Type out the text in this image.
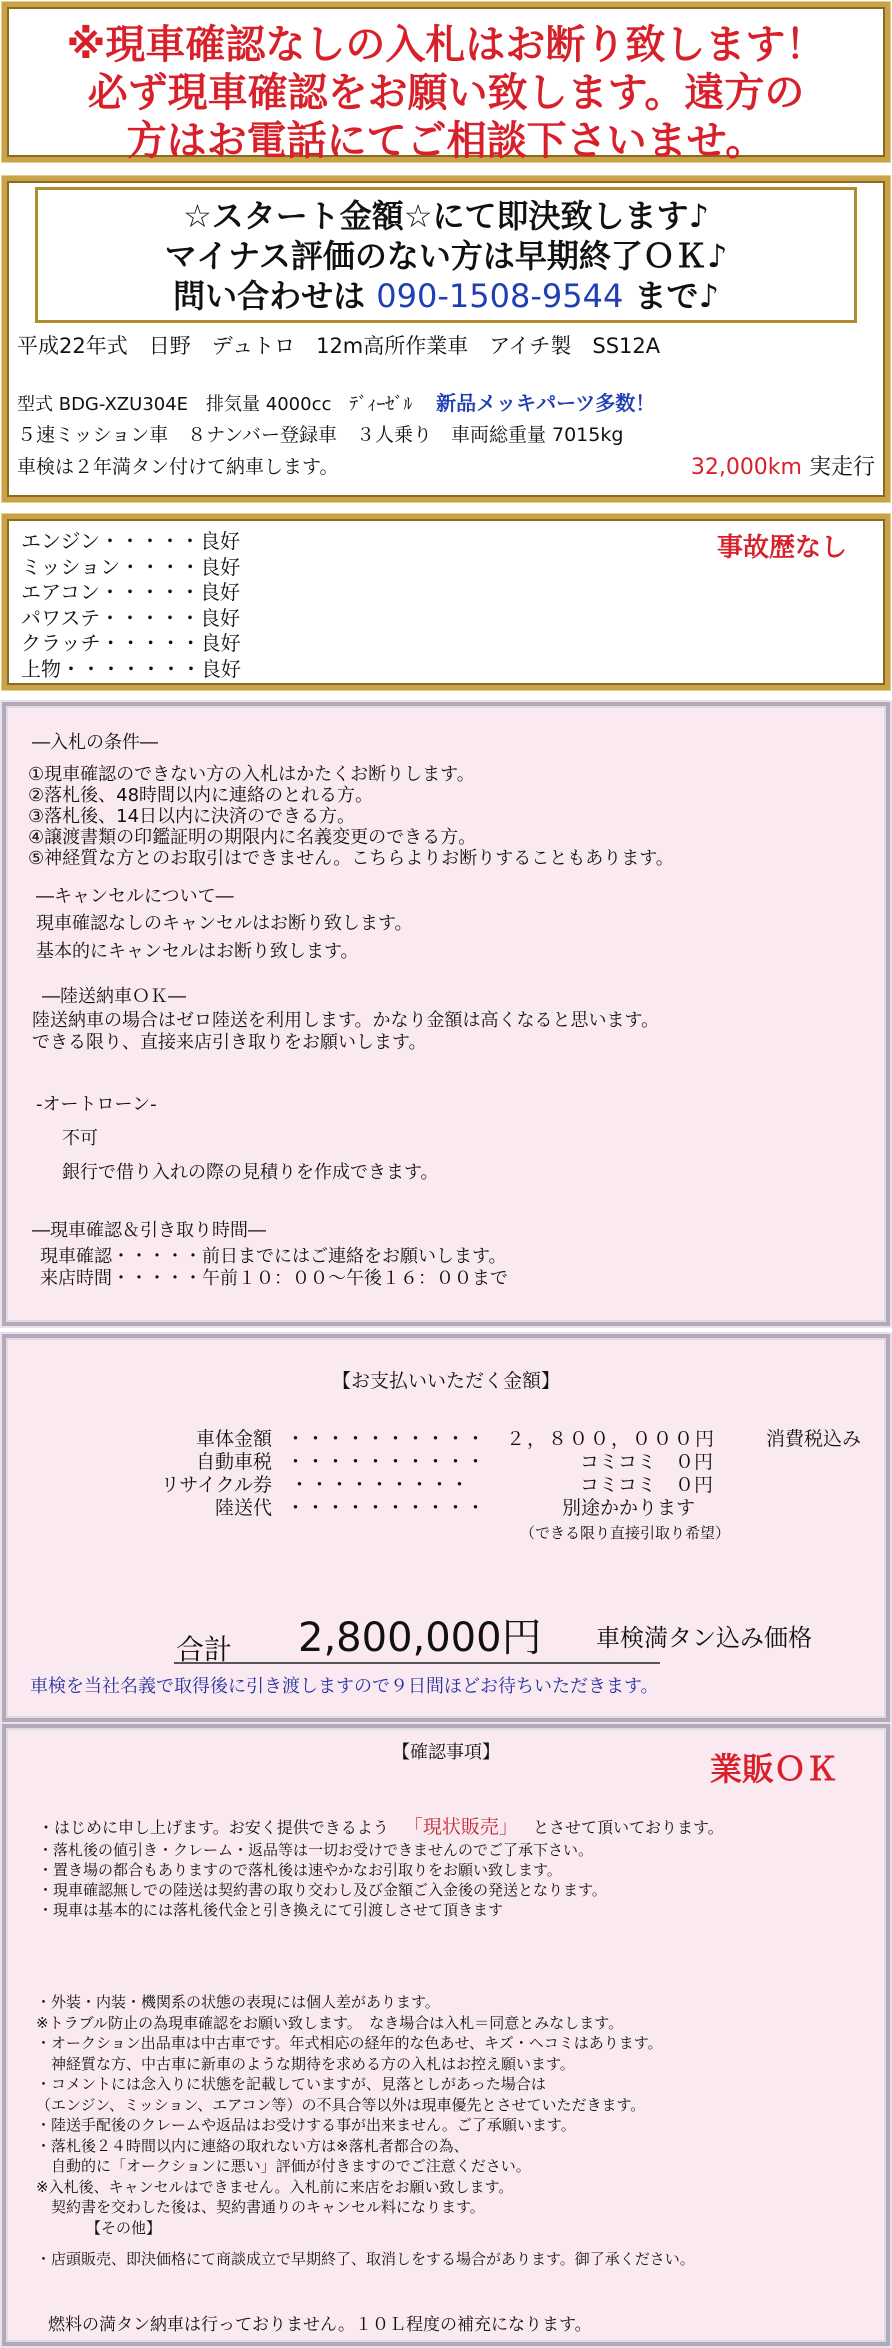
※現車確認なしの入札はお断り致します！
必ず現車確認をお願い致します。遠方の
方はお電話にてご相談下さいませ。
☆スタート金額☆にて即決致します♪
マイナス評価のない方は早期終了ＯＫ♪
問い合わせは 090-1508-9544 まで♪
平成22年式　日野　デュトロ　12m高所作業車　アイチ製　SS12A
型式 BDG-XZU304E　排気量 4000cc　ﾃﾞｨｰｾﾞﾙ 新品メッキパーツ多数！
５速ミッション車　８ナンバー登録車　３人乗り　車両総重量 7015kg
車検は２年満タン付けて納車します。	32,000km 実走行
エンジン・・・・・良好
ミッション・・・・良好
エアコン・・・・・良好
パワステ・・・・・良好
クラッチ・・・・・良好
上物・・・・・・・良好
事故歴なし
―入札の条件―
①現車確認のできない方の入札はかたくお断りします。
②落札後、48時間以内に連絡のとれる方。
③落札後、14日以内に決済のできる方。
④譲渡書類の印鑑証明の期限内に名義変更のできる方。
⑤神経質な方とのお取引はできません。こちらよりお断りすることもあります。
―キャンセルについて―
現車確認なしのキャンセルはお断り致します。
基本的にキャンセルはお断り致します。
―陸送納車ＯＫ―
陸送納車の場合はゼロ陸送を利用します。かなり金額は高くなると思います。
できる限り、直接来店引き取りをお願いします。
-オートローン-
不可
銀行で借り入れの際の見積りを作成できます。
―現車確認＆引き取り時間―
現車確認・・・・・前日までにはご連絡をお願いします。
来店時間・・・・・午前１０：００～午後１６：００まで
【お支払いいただく金額】
車体金額 ・・・・・・・・・・ ２，８００，０００円	消費税込み
自動車税 ・・・・・・・・・・	コミコミ　０円
リサイクル券 ・・・・・・・・・	コミコミ　０円
陸送代 ・・・・・・・・・・	別途かかります
（できる限り直接引取り希望）
合計 2,800,000円 車検満タン込み価格
車検を当社名義で取得後に引き渡しますので９日間ほどお待ちいただきます。
【確認事項】	業販ＯＫ
・はじめに申し上げます。お安く提供できるよう 「現状販売」 とさせて頂いております。
・落札後の値引き・クレーム・返品等は一切お受けできませんのでご了承下さい。
・置き場の都合もありますので落札後は速やかなお引取りをお願い致します。
・現車確認無しでの陸送は契約書の取り交わし及び金額ご入金後の発送となります。
・現車は基本的には落札後代金と引き換えにて引渡しさせて頂きます
・外装・内装・機関系の状態の表現には個人差があります。
※トラブル防止の為現車確認をお願い致します。　なき場合は入札＝同意とみなします。
・オークション出品車は中古車です。年式相応の経年的な色あせ、キズ・ヘコミはあります。
　神経質な方、中古車に新車のような期待を求める方の入札はお控え願います。
・コメントには念入りに状態を記載していますが、見落としがあった場合は
（エンジン、ミッション、エアコン等）の不具合等以外は現車優先とさせていただきます。
・陸送手配後のクレームや返品はお受けする事が出来ません。ご了承願います。
・落札後２４時間以内に連絡の取れない方は※落札者都合の為、
　自動的に「オークションに悪い」評価が付きますのでご注意ください。
※入札後、キャンセルはできません。入札前に来店をお願い致します。
　契約書を交わした後は、契約書通りのキャンセル料になります。
【その他】
・店頭販売、即決価格にて商談成立で早期終了、取消しをする場合があります。御了承ください。
燃料の満タン納車は行っておりません。１０Ｌ程度の補充になります。
